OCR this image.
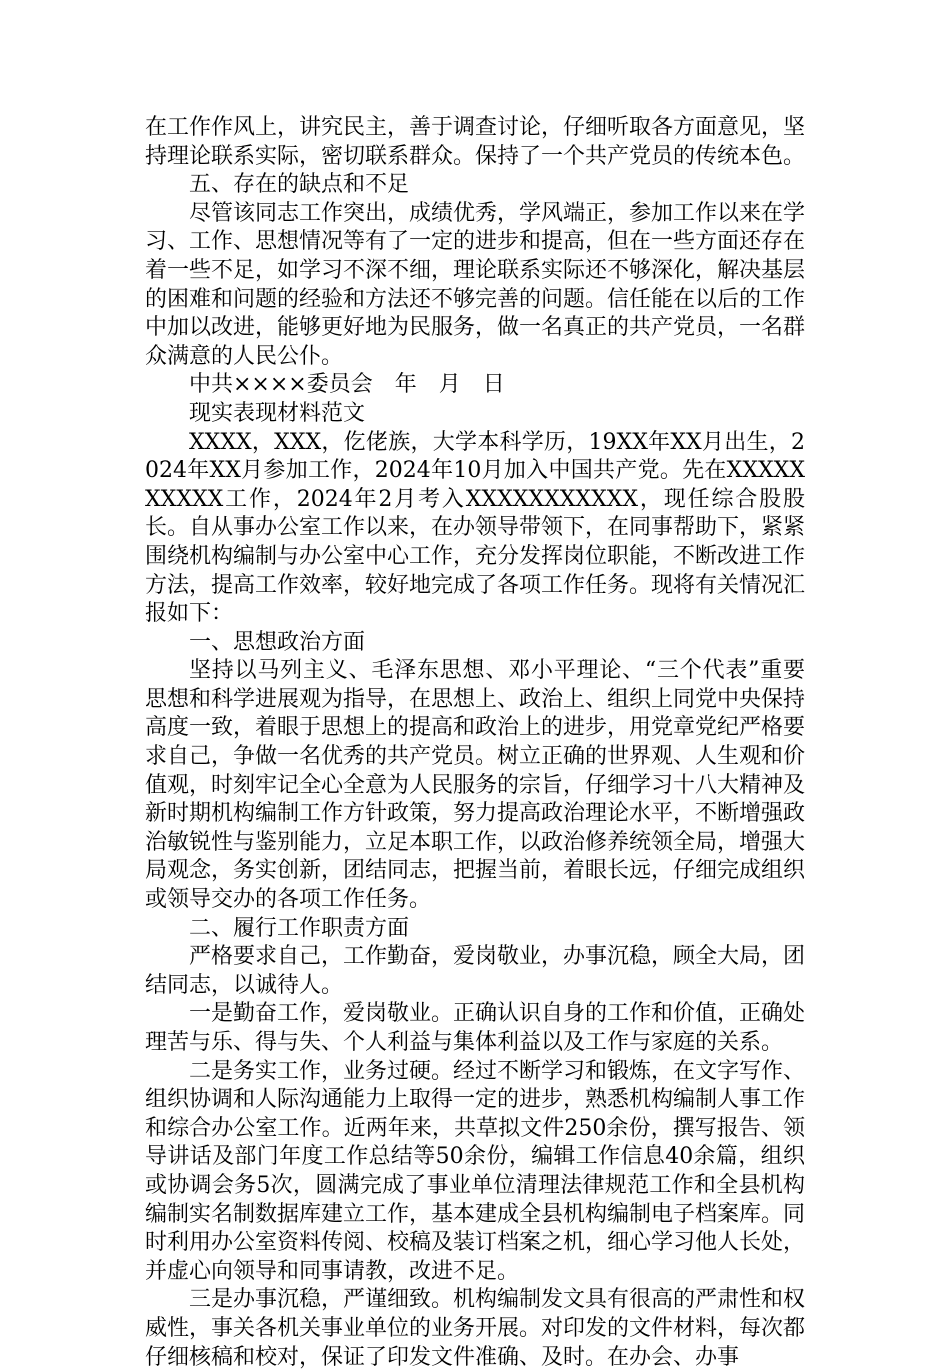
在工作作风上，讲究民主，善于调查讨论，仔细听取各方面意见，坚持理论联系实际，密切联系群众。保持了一个共产党员的传统本色。

五、存在的缺点和不足

尽管该同志工作突出，成绩优秀，学风端正，参加工作以来在学习、工作、思想情况等有了一定的进步和提高，但在一些方面还存在着一些不足，如学习不深不细，理论联系实际还不够深化，解决基层的困难和问题的经验和方法还不够完善的问题。信任能在以后的工作中加以改进，能够更好地为民服务，做一名真正的共产党员，一名群众满意的人民公仆。

中共××××委员会　年　月　日

现实表现材料范文

XXXX，XXX，仡佬族，大学本科学历，19XX年XX月出生，2024年XX月参加工作，2024年10月加入中国共产党。先在XXXXXXXXXX工作，2024年2月考入XXXXXXXXXXX，现任综合股股长。自从事办公室工作以来，在办领导带领下，在同事帮助下，紧紧围绕机构编制与办公室中心工作，充分发挥岗位职能，不断改进工作方法，提高工作效率，较好地完成了各项工作任务。现将有关情况汇报如下：

一、思想政治方面

坚持以马列主义、毛泽东思想、邓小平理论、“三个代表”重要思想和科学进展观为指导，在思想上、政治上、组织上同党中央保持高度一致，着眼于思想上的提高和政治上的进步，用党章党纪严格要求自己，争做一名优秀的共产党员。树立正确的世界观、人生观和价值观，时刻牢记全心全意为人民服务的宗旨，仔细学习十八大精神及新时期机构编制工作方针政策，努力提高政治理论水平，不断增强政治敏锐性与鉴别能力，立足本职工作，以政治修养统领全局，增强大局观念，务实创新，团结同志，把握当前，着眼长远，仔细完成组织或领导交办的各项工作任务。

二、履行工作职责方面

严格要求自己，工作勤奋，爱岗敬业，办事沉稳，顾全大局，团结同志，以诚待人。

一是勤奋工作，爱岗敬业。正确认识自身的工作和价值，正确处理苦与乐、得与失、个人利益与集体利益以及工作与家庭的关系。

二是务实工作，业务过硬。经过不断学习和锻炼，在文字写作、组织协调和人际沟通能力上取得一定的进步，熟悉机构编制人事工作和综合办公室工作。近两年来，共草拟文件250余份，撰写报告、领导讲话及部门年度工作总结等50余份，编辑工作信息40余篇，组织或协调会务5次，圆满完成了事业单位清理法律规范工作和全县机构编制实名制数据库建立工作，基本建成全县机构编制电子档案库。同时利用办公室资料传阅、校稿及装订档案之机，细心学习他人长处，并虚心向领导和同事请教，改进不足。

三是办事沉稳，严谨细致。机构编制发文具有很高的严肃性和权威性，事关各机关事业单位的业务开展。对印发的文件材料，每次都仔细核稿和校对，保证了印发文件准确、及时。在办会、办事
